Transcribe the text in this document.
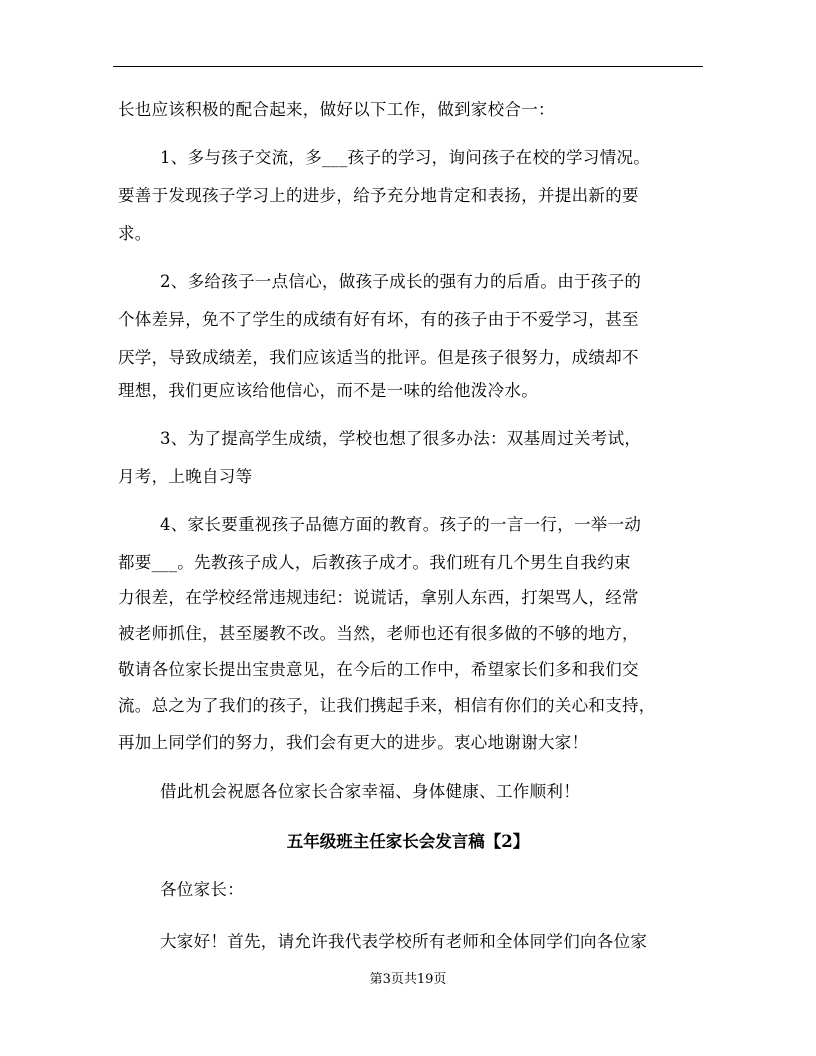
长也应该积极的配合起来，做好以下工作，做到家校合一：
1、多与孩子交流，多___孩子的学习，询问孩子在校的学习情况。
要善于发现孩子学习上的进步，给予充分地肯定和表扬，并提出新的要
求。
2、多给孩子一点信心，做孩子成长的强有力的后盾。由于孩子的
个体差异，免不了学生的成绩有好有坏，有的孩子由于不爱学习，甚至
厌学，导致成绩差，我们应该适当的批评。但是孩子很努力，成绩却不
理想，我们更应该给他信心，而不是一味的给他泼冷水。
3、为了提高学生成绩，学校也想了很多办法：双基周过关考试，
月考，上晚自习等
4、家长要重视孩子品德方面的教育。孩子的一言一行，一举一动
都要___。先教孩子成人，后教孩子成才。我们班有几个男生自我约束
力很差，在学校经常违规违纪：说谎话，拿别人东西，打架骂人，经常
被老师抓住，甚至屡教不改。当然，老师也还有很多做的不够的地方，
敬请各位家长提出宝贵意见，在今后的工作中，希望家长们多和我们交
流。总之为了我们的孩子，让我们携起手来，相信有你们的关心和支持，
再加上同学们的努力，我们会有更大的进步。衷心地谢谢大家！
借此机会祝愿各位家长合家幸福、身体健康、工作顺利！
五年级班主任家长会发言稿【2】
各位家长：
大家好！首先，请允许我代表学校所有老师和全体同学们向各位家
第3页共19页
